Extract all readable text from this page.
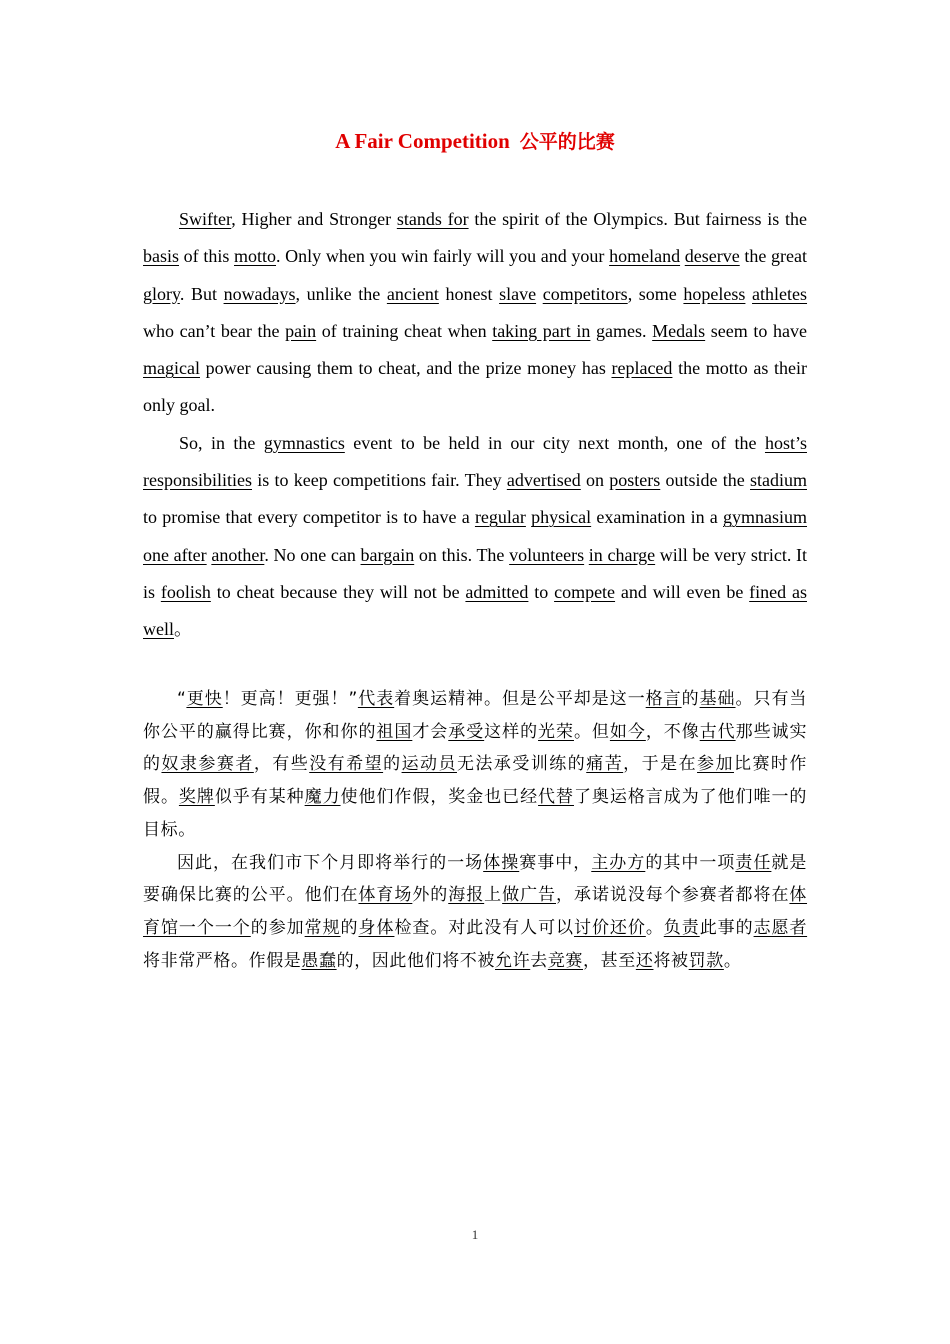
A Fair Competition 公平的比赛

Swifter, Higher and Stronger stands for the spirit of the Olympics. But fairness is the basis of this motto. Only when you win fairly will you and your homeland deserve the great glory. But nowadays, unlike the ancient honest slave competitors, some hopeless athletes who can’t bear the pain of training cheat when taking part in games. Medals seem to have magical power causing them to cheat, and the prize money has replaced the motto as their only goal.

So, in the gymnastics event to be held in our city next month, one of the host’s responsibilities is to keep competitions fair. They advertised on posters outside the stadium to promise that every competitor is to have a regular physical examination in a gymnasium one after another. No one can bargain on this. The volunteers in charge will be very strict. It is foolish to cheat because they will not be admitted to compete and will even be fined as well。

“更快！更高！更强！”代表着奥运精神。但是公平却是这一格言的基础。只有当你公平的赢得比赛，你和你的祖国才会承受这样的光荣。但如今，不像古代那些诚实的奴隶参赛者，有些没有希望的运动员无法承受训练的痛苦，于是在参加比赛时作假。奖牌似乎有某种魔力使他们作假，奖金也已经代替了奥运格言成为了他们唯一的目标。

因此，在我们市下个月即将举行的一场体操赛事中，主办方的其中一项责任就是要确保比赛的公平。他们在体育场外的海报上做广告，承诺说没每个参赛者都将在体育馆一个一个的参加常规的身体检查。对此没有人可以讨价还价。负责此事的志愿者将非常严格。作假是愚蠢的，因此他们将不被允许去竞赛，甚至还将被罚款。

1
